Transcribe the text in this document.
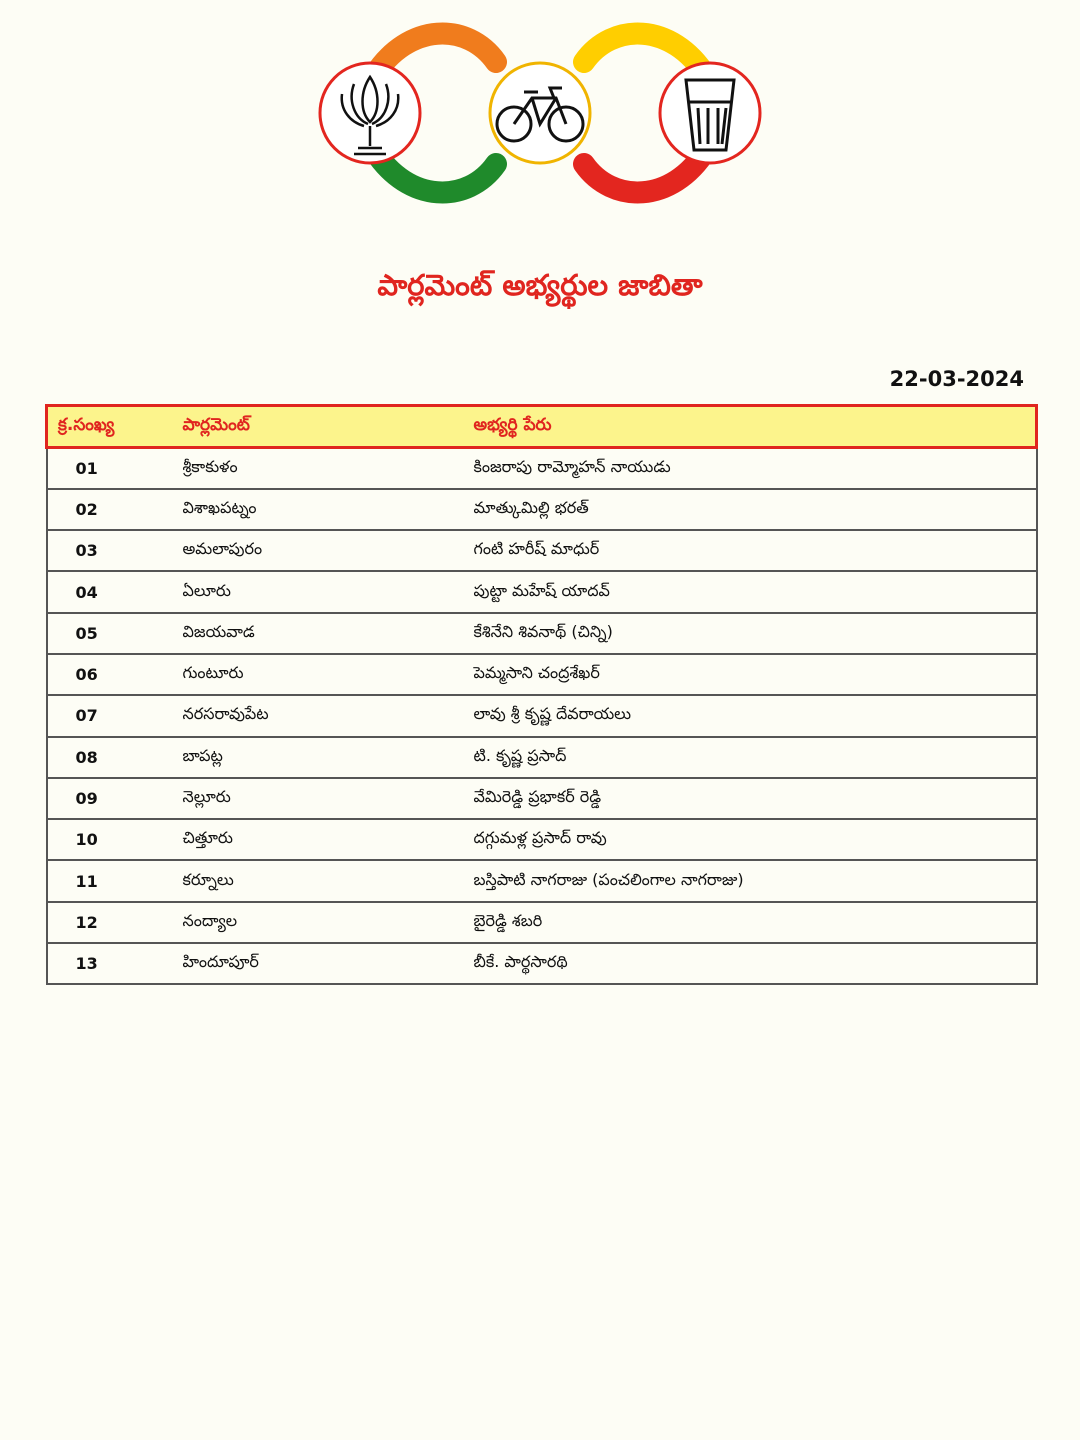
పార్లమెంట్ అభ్యర్థుల జాబితా
22-03-2024
క్ర.సంఖ్య	పార్లమెంట్	అభ్యర్థి పేరు
01	శ్రీకాకుళం	కింజరాపు రామ్మోహన్ నాయుడు
02	విశాఖపట్నం	మాత్కుమిల్లి భరత్
03	అమలాపురం	గంటి హరీష్ మాధుర్
04	ఏలూరు	పుట్టా మహేష్ యాదవ్
05	విజయవాడ	కేశినేని శివనాథ్ (చిన్ని)
06	గుంటూరు	పెమ్మసాని చంద్రశేఖర్
07	నరసరావుపేట	లావు శ్రీ కృష్ణ దేవరాయలు
08	బాపట్ల	టి. కృష్ణ ప్రసాద్
09	నెల్లూరు	వేమిరెడ్డి ప్రభాకర్ రెడ్డి
10	చిత్తూరు	దగ్గుమళ్ల ప్రసాద్ రావు
11	కర్నూలు	బస్తిపాటి నాగరాజు (పంచలింగాల నాగరాజు)
12	నంద్యాల	బైరెడ్డి శబరి
13	హిందూపూర్	బీకే. పార్థసారథి
